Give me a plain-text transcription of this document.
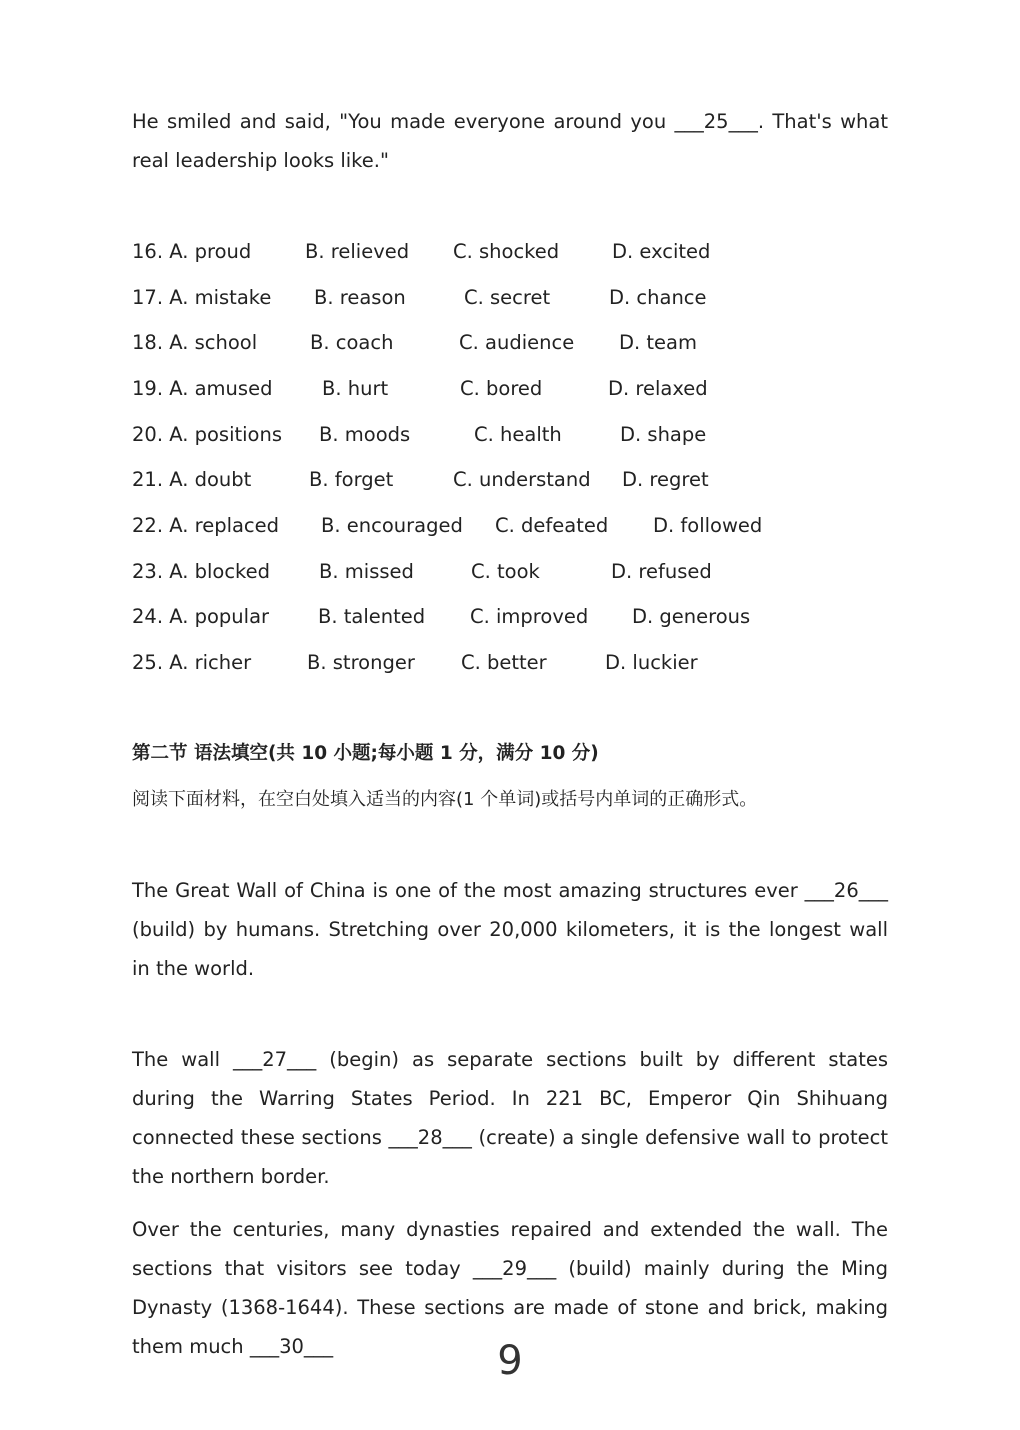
He smiled and said, "You made everyone around you ___25___. That's what real leadership looks like."

16. A. proud	B. relieved C. shocked	D. excited
17. A. mistake B. reason	C. secret	D. chance
18. A. school	B. coach	C. audience D. team
19. A. amused	B. hurt	C. bored	D. relaxed
20. A. positions B. moods	C. health	D. shape
21. A. doubt	B. forget	C. understand D. regret
22. A. replaced B. encouraged C. defeated D. followed
23. A. blocked	B. missed	C. took	D. refused
24. A. popular	B. talented C. improved D. generous
25. A. richer	B. stronger C. better	D. luckier
第二节 语法填空(共 10 小题;每小题 1 分，满分 10 分)
阅读下面材料，在空白处填入适当的内容(1 个单词)或括号内单词的正确形式。

The Great Wall of China is one of the most amazing structures ever ___26___ (build) by humans. Stretching over 20,000 kilometers, it is the longest wall in the world.

The wall ___27___ (begin) as separate sections built by different states during the Warring States Period. In 221 BC, Emperor Qin Shihuang connected these sections ___28___ (create) a single defensive wall to protect the northern border.

Over the centuries, many dynasties repaired and extended the wall. The sections that visitors see today ___29___ (build) mainly during the Ming Dynasty (1368-1644). These sections are made of stone and brick, making them much ___30___	9
